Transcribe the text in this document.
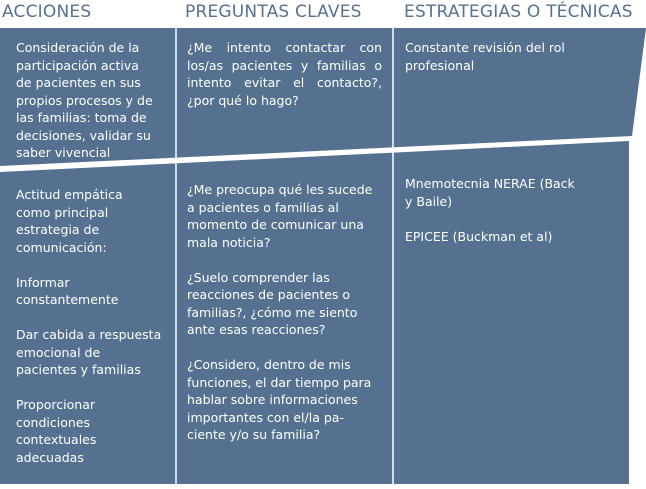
ACCIONES	PREGUNTAS CLAVES ESTRATEGIAS O TÉCNICAS

Consideración de la

participación activa

de pacientes en sus

propios procesos y de

las familias: toma de

decisiones, validar su

saber vivencial

¿Me intento contactar con

los/as pacientes y familias o

intento evitar el contacto?,

¿por qué lo hago?

Constante revisión del rol

profesional

Actitud empática

como principal

estrategia de

comunicación:

Informar

constantemente

Dar cabida a respuesta

emocional de

pacientes y familias

Proporcionar

condiciones

contextuales

adecuadas

¿Me preocupa qué les sucede

a pacientes o familias al

momento de comunicar una

mala noticia?

¿Suelo comprender las

reacciones de pacientes o

familias?, ¿cómo me siento

ante esas reacciones?

¿Considero, dentro de mis

funciones, el dar tiempo para

hablar sobre informaciones

importantes con el/la pa-

ciente y/o su familia?

Mnemotecnia NERAE (Back

y Baile)

EPICEE (Buckman et al)
